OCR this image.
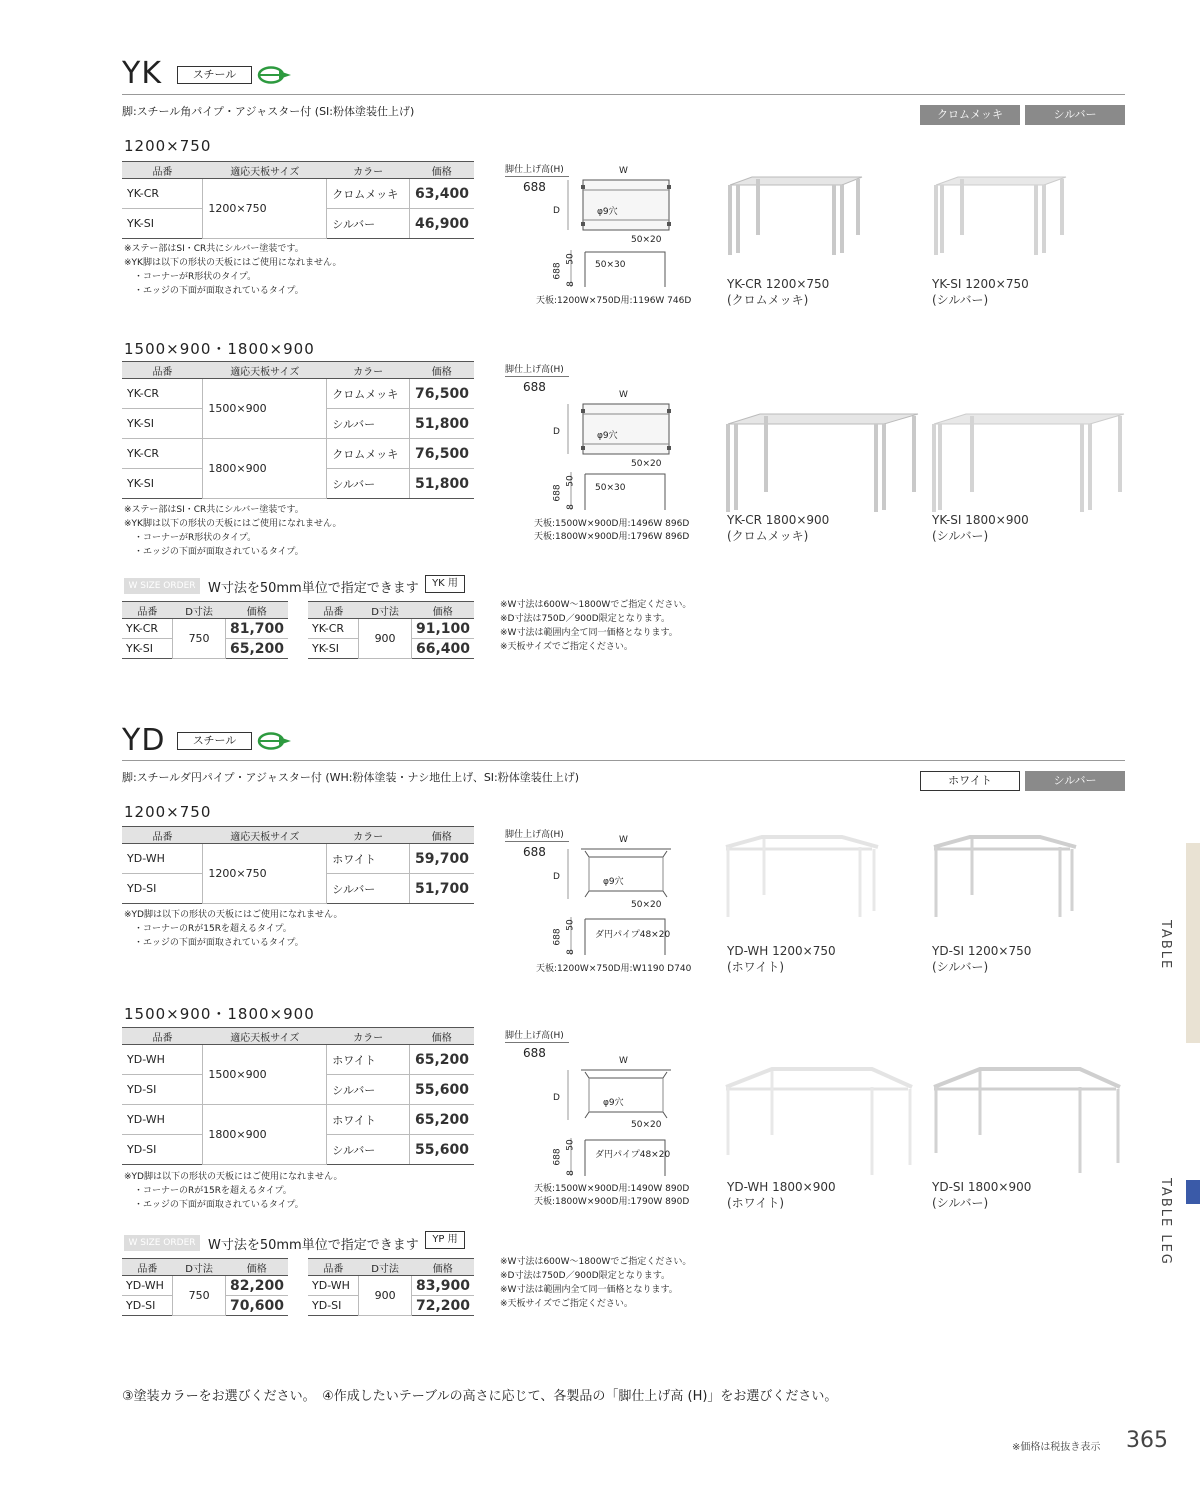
YK	スチール
脚:スチール角パイプ・アジャスター付 (SI:粉体塗装仕上げ)	クロムメッキ	シルバー
1200×750
品番	適応天板サイズ	カラー	価格
YK-CR	1200×750	クロムメッキ	63,400
YK-SI		シルバー	46,900
※ステー部はSI・CR共にシルバー塗装です。
※YK脚は以下の形状の天板にはご使用になれません。
・コーナーがR形状のタイプ。
・エッジの下面が面取されているタイプ。
脚仕上げ高(H)
688
W
D	φ9穴
50×20
50×30
688
50
8
天板:1200W×750D用:1196W 746D
YK-CR 1200×750
(クロムメッキ)
YK-SI 1200×750
(シルバー)
1500×900・1800×900
品番	適応天板サイズ	カラー	価格
YK-CR	1500×900	クロムメッキ	76,500
YK-SI		シルバー	51,800
YK-CR	1800×900	クロムメッキ	76,500
YK-SI		シルバー	51,800
※ステー部はSI・CR共にシルバー塗装です。
※YK脚は以下の形状の天板にはご使用になれません。
・コーナーがR形状のタイプ。
・エッジの下面が面取されているタイプ。
脚仕上げ高(H)
688
W
D	φ9穴
50×20
50×30
688
50
8
天板:1500W×900D用:1496W 896D
天板:1800W×900D用:1796W 896D
YK-CR 1800×900
(クロムメッキ)
YK-SI 1800×900
(シルバー)
W SIZE ORDER W寸法を50mm単位で指定できます	YK 用
品番	D寸法	価格
YK-CR	750	81,700
YK-SI		65,200
品番	D寸法	価格
YK-CR	900	91,100
YK-SI		66,400
※W寸法は600W～1800Wでご指定ください。
※D寸法は750D／900D限定となります。
※W寸法は範囲内全て同一価格となります。
※天板サイズでご指定ください。
YD	スチール
脚:スチールダ円パイプ・アジャスター付 (WH:粉体塗装・ナシ地仕上げ、SI:粉体塗装仕上げ)	ホワイト	シルバー
1200×750
品番	適応天板サイズ	カラー	価格
YD-WH	1200×750	ホワイト	59,700
YD-SI		シルバー	51,700
※YD脚は以下の形状の天板にはご使用になれません。
・コーナーのRが15Rを超えるタイプ。
・エッジの下面が面取されているタイプ。
脚仕上げ高(H)
688
W
D	φ9穴
50×20
ダ円パイプ48×20
688
50
8
天板:1200W×750D用:W1190 D740
YD-WH 1200×750
(ホワイト)
YD-SI 1200×750
(シルバー)
1500×900・1800×900
品番	適応天板サイズ	カラー	価格
YD-WH	1500×900	ホワイト	65,200
YD-SI		シルバー	55,600
YD-WH	1800×900	ホワイト	65,200
YD-SI		シルバー	55,600
※YD脚は以下の形状の天板にはご使用になれません。
・コーナーのRが15Rを超えるタイプ。
・エッジの下面が面取されているタイプ。
脚仕上げ高(H)
688
W
D	φ9穴
50×20
ダ円パイプ48×20
688
50
8
天板:1500W×900D用:1490W 890D
天板:1800W×900D用:1790W 890D
YD-WH 1800×900
(ホワイト)
YD-SI 1800×900
(シルバー)
W SIZE ORDER W寸法を50mm単位で指定できます	YP 用
品番	D寸法	価格
YD-WH	750	82,200
YD-SI		70,600
品番	D寸法	価格
YD-WH	900	83,900
YD-SI		72,200
※W寸法は600W～1800Wでご指定ください。
※D寸法は750D／900D限定となります。
※W寸法は範囲内全て同一価格となります。
※天板サイズでご指定ください。
③塗装カラーをお選びください。　④作成したいテーブルの高さに応じて、各製品の「脚仕上げ高 (H)」をお選びください。
※価格は税抜き表示 365
TABLE
TABLE LEG
